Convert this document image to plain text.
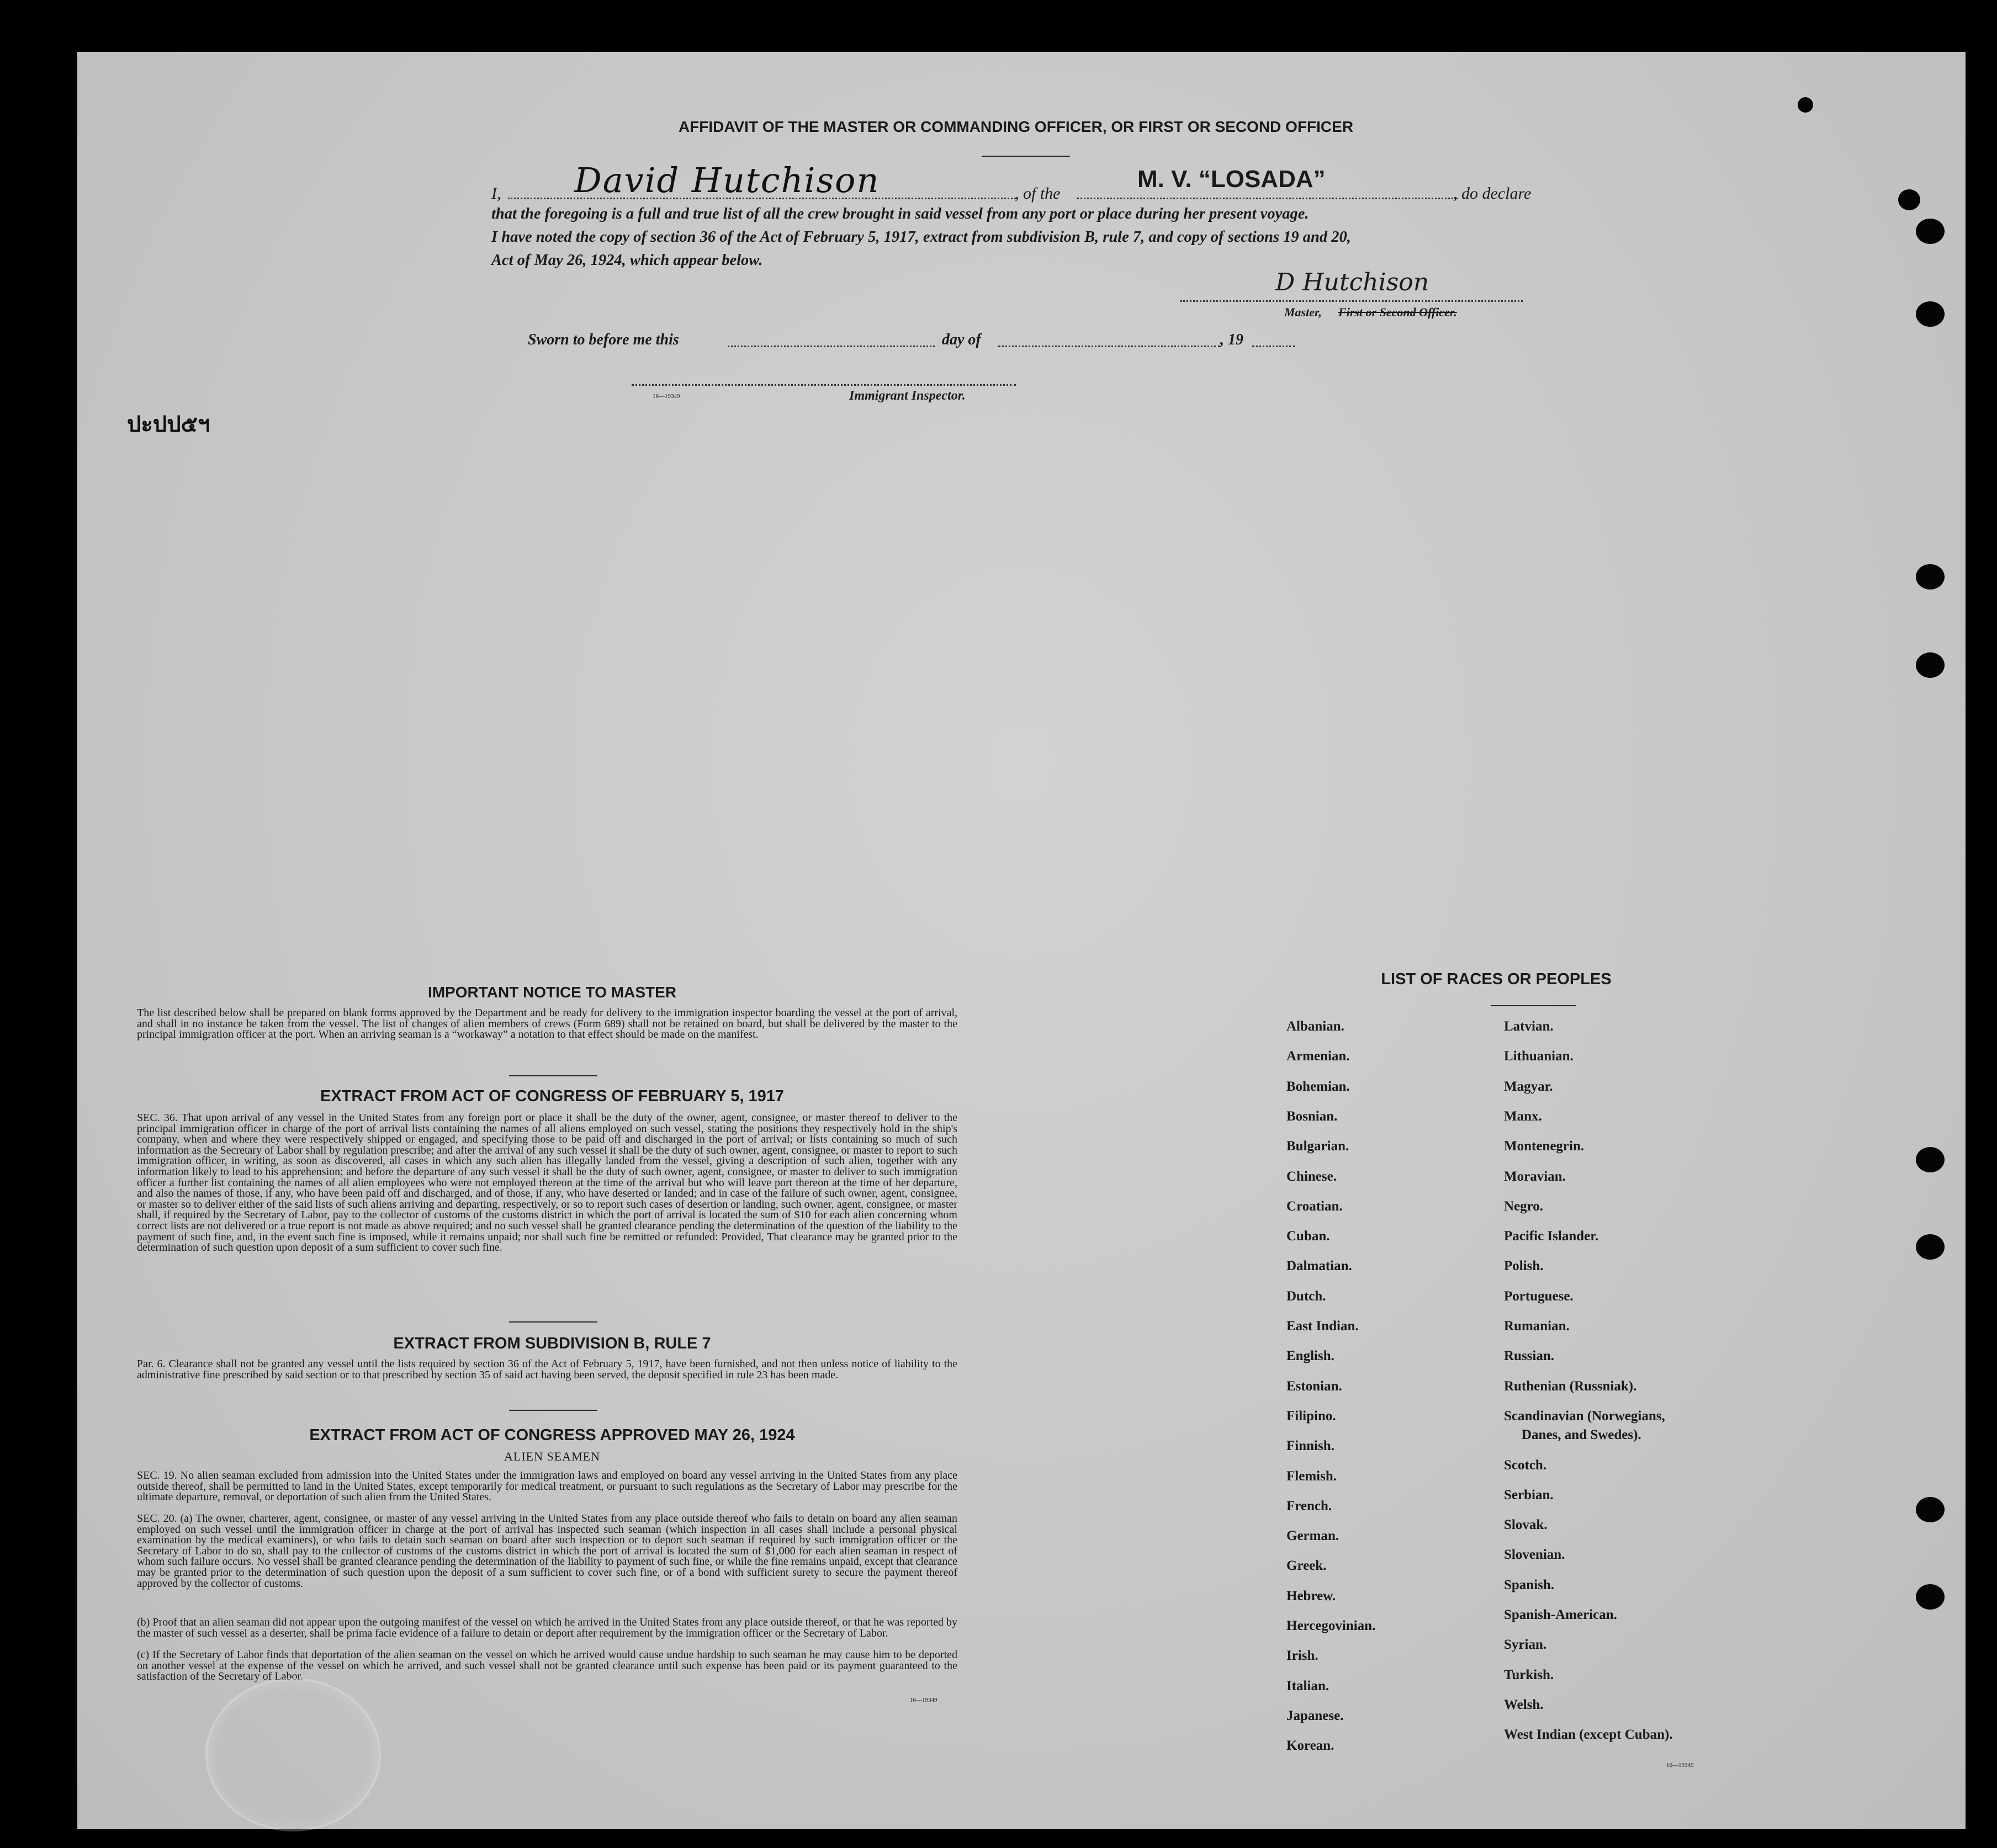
AFFIDAVIT OF THE MASTER OR COMMANDING OFFICER, OR FIRST OR SECOND OFFICER
I, David Hutchison	, of the
M. V. “LOSADA”
, do declare
that the foregoing is a full and true list of all the crew brought in said vessel from any port or place during her present voyage.
I have noted the copy of section 36 of the Act of February 5, 1917, extract from subdivision B, rule 7, and copy of sections 19 and 20,
Act of May 26, 1924, which appear below.
D Hutchison
Master, First or Second Officer.
Sworn to before me this	day of	, 19
16—19349	Immigrant Inspector.
ปะปป๕ฯ
IMPORTANT NOTICE TO MASTER

The list described below shall be prepared on blank forms approved by the Department and be ready for delivery to the immigration inspector boarding the vessel at the port of arrival, and shall in no instance be taken from the vessel. The list of changes of alien members of crews (Form 689) shall not be retained on board, but shall be delivered by the master to the principal immigration officer at the port. When an arriving seaman is a “workaway” a notation to that effect should be made on the manifest.

EXTRACT FROM ACT OF CONGRESS OF FEBRUARY 5, 1917

SEC. 36. That upon arrival of any vessel in the United States from any foreign port or place it shall be the duty of the owner, agent, consignee, or master thereof to deliver to the principal immigration officer in charge of the port of arrival lists containing the names of all aliens employed on such vessel, stating the positions they respectively hold in the ship's company, when and where they were respectively shipped or engaged, and specifying those to be paid off and discharged in the port of arrival; or lists containing so much of such information as the Secretary of Labor shall by regulation prescribe; and after the arrival of any such vessel it shall be the duty of such owner, agent, consignee, or master to report to such immigration officer, in writing, as soon as discovered, all cases in which any such alien has illegally landed from the vessel, giving a description of such alien, together with any information likely to lead to his apprehension; and before the departure of any such vessel it shall be the duty of such owner, agent, consignee, or master to deliver to such immigration officer a further list containing the names of all alien employees who were not employed thereon at the time of the arrival but who will leave port thereon at the time of her departure, and also the names of those, if any, who have been paid off and discharged, and of those, if any, who have deserted or landed; and in case of the failure of such owner, agent, consignee, or master so to deliver either of the said lists of such aliens arriving and departing, respectively, or so to report such cases of desertion or landing, such owner, agent, consignee, or master shall, if required by the Secretary of Labor, pay to the collector of customs of the customs district in which the port of arrival is located the sum of $10 for each alien concerning whom correct lists are not delivered or a true report is not made as above required; and no such vessel shall be granted clearance pending the determination of the question of the liability to the payment of such fine, and, in the event such fine is imposed, while it remains unpaid; nor shall such fine be remitted or refunded: Provided, That clearance may be granted prior to the determination of such question upon deposit of a sum sufficient to cover such fine.

EXTRACT FROM SUBDIVISION B, RULE 7

Par. 6. Clearance shall not be granted any vessel until the lists required by section 36 of the Act of February 5, 1917, have been furnished, and not then unless notice of liability to the administrative fine prescribed by said section or to that prescribed by section 35 of said act having been served, the deposit specified in rule 23 has been made.

EXTRACT FROM ACT OF CONGRESS APPROVED MAY 26, 1924
ALIEN SEAMEN

SEC. 19. No alien seaman excluded from admission into the United States under the immigration laws and employed on board any vessel arriving in the United States from any place outside thereof, shall be permitted to land in the United States, except temporarily for medical treatment, or pursuant to such regulations as the Secretary of Labor may prescribe for the ultimate departure, removal, or deportation of such alien from the United States.

SEC. 20. (a) The owner, charterer, agent, consignee, or master of any vessel arriving in the United States from any place outside thereof who fails to detain on board any alien seaman employed on such vessel until the immigration officer in charge at the port of arrival has inspected such seaman (which inspection in all cases shall include a personal physical examination by the medical examiners), or who fails to detain such seaman on board after such inspection or to deport such seaman if required by such immigration officer or the Secretary of Labor to do so, shall pay to the collector of customs of the customs district in which the port of arrival is located the sum of $1,000 for each alien seaman in respect of whom such failure occurs. No vessel shall be granted clearance pending the determination of the liability to payment of such fine, or while the fine remains unpaid, except that clearance may be granted prior to the determination of such question upon the deposit of a sum sufficient to cover such fine, or of a bond with sufficient surety to secure the payment thereof approved by the collector of customs.

(b) Proof that an alien seaman did not appear upon the outgoing manifest of the vessel on which he arrived in the United States from any place outside thereof, or that he was reported by the master of such vessel as a deserter, shall be prima facie evidence of a failure to detain or deport after requirement by the immigration officer or the Secretary of Labor.

(c) If the Secretary of Labor finds that deportation of the alien seaman on the vessel on which he arrived would cause undue hardship to such seaman he may cause him to be deported on another vessel at the expense of the vessel on which he arrived, and such vessel shall not be granted clearance until such expense has been paid or its payment guaranteed to the satisfaction of the Secretary of Labor.

16—19349
LIST OF RACES OR PEOPLES
Albanian.
Armenian.
Bohemian.
Bosnian.
Bulgarian.
Chinese.
Croatian.
Cuban.
Dalmatian.
Dutch.
East Indian.
English.
Estonian.
Filipino.
Finnish.
Flemish.
French.
German.
Greek.
Hebrew.
Hercegovinian.
Irish.
Italian.
Japanese.
Korean.
Latvian.
Lithuanian.
Magyar.
Manx.
Montenegrin.
Moravian.
Negro.
Pacific Islander.
Polish.
Portuguese.
Rumanian.
Russian.
Ruthenian (Russniak).
Scandinavian (Norwegians,
Danes, and Swedes).
Scotch.
Serbian.
Slovak.
Slovenian.
Spanish.
Spanish-American.
Syrian.
Turkish.
Welsh.
West Indian (except Cuban).
16—19349
